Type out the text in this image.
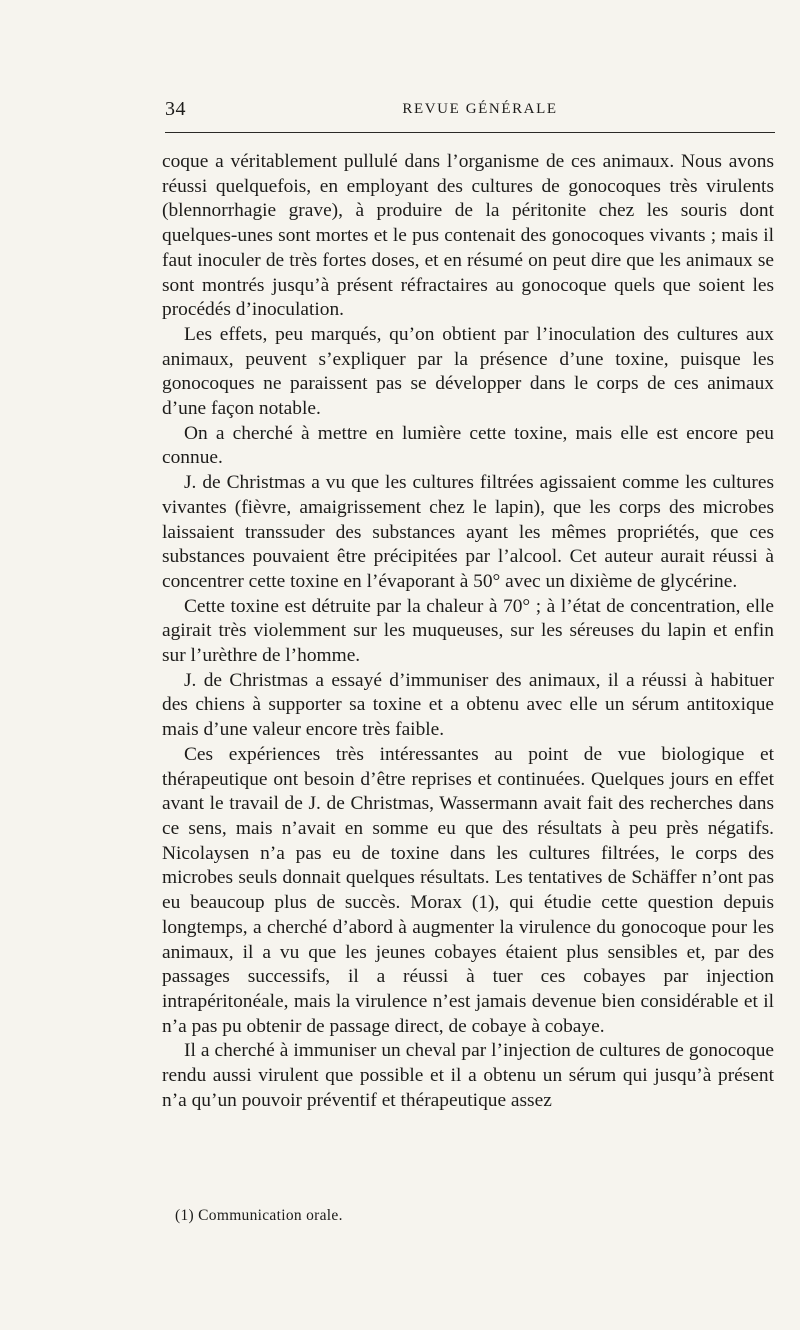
34	REVUE GÉNÉRALE

coque a véritablement pullulé dans l’organisme de ces animaux. Nous avons réussi quelquefois, en employant des cultures de gonocoques très virulents (blennorrhagie grave), à produire de la péritonite chez les souris dont quelques-unes sont mortes et le pus contenait des gonocoques vivants ; mais il faut inoculer de très fortes doses, et en résumé on peut dire que les animaux se sont montrés jusqu’à présent réfractaires au gonocoque quels que soient les procédés d’inoculation.

Les effets, peu marqués, qu’on obtient par l’inoculation des cultures aux animaux, peuvent s’expliquer par la présence d’une toxine, puisque les gonocoques ne paraissent pas se développer dans le corps de ces animaux d’une façon notable.

On a cherché à mettre en lumière cette toxine, mais elle est encore peu connue.

J. de Christmas a vu que les cultures filtrées agissaient comme les cultures vivantes (fièvre, amaigrissement chez le lapin), que les corps des microbes laissaient transsuder des substances ayant les mêmes propriétés, que ces substances pouvaient être précipitées par l’alcool. Cet auteur aurait réussi à concentrer cette toxine en l’évaporant à 50° avec un dixième de glycérine.

Cette toxine est détruite par la chaleur à 70° ; à l’état de concentration, elle agirait très violemment sur les muqueuses, sur les séreuses du lapin et enfin sur l’urèthre de l’homme.

J. de Christmas a essayé d’immuniser des animaux, il a réussi à habituer des chiens à supporter sa toxine et a obtenu avec elle un sérum antitoxique mais d’une valeur encore très faible.

Ces expériences très intéressantes au point de vue biologique et thérapeutique ont besoin d’être reprises et continuées. Quelques jours en effet avant le travail de J. de Christmas, Wassermann avait fait des recherches dans ce sens, mais n’avait en somme eu que des résultats à peu près négatifs. Nicolaysen n’a pas eu de toxine dans les cultures filtrées, le corps des microbes seuls donnait quelques résultats. Les tentatives de Schäffer n’ont pas eu beaucoup plus de succès. Morax (1), qui étudie cette question depuis longtemps, a cherché d’abord à augmenter la virulence du gonocoque pour les animaux, il a vu que les jeunes cobayes étaient plus sensibles et, par des passages successifs, il a réussi à tuer ces cobayes par injection intrapéritonéale, mais la virulence n’est jamais devenue bien considérable et il n’a pas pu obtenir de passage direct, de cobaye à cobaye.

Il a cherché à immuniser un cheval par l’injection de cultures de gonocoque rendu aussi virulent que possible et il a obtenu un sérum qui jusqu’à présent n’a qu’un pouvoir préventif et thérapeutique assez

(1) Communication orale.
